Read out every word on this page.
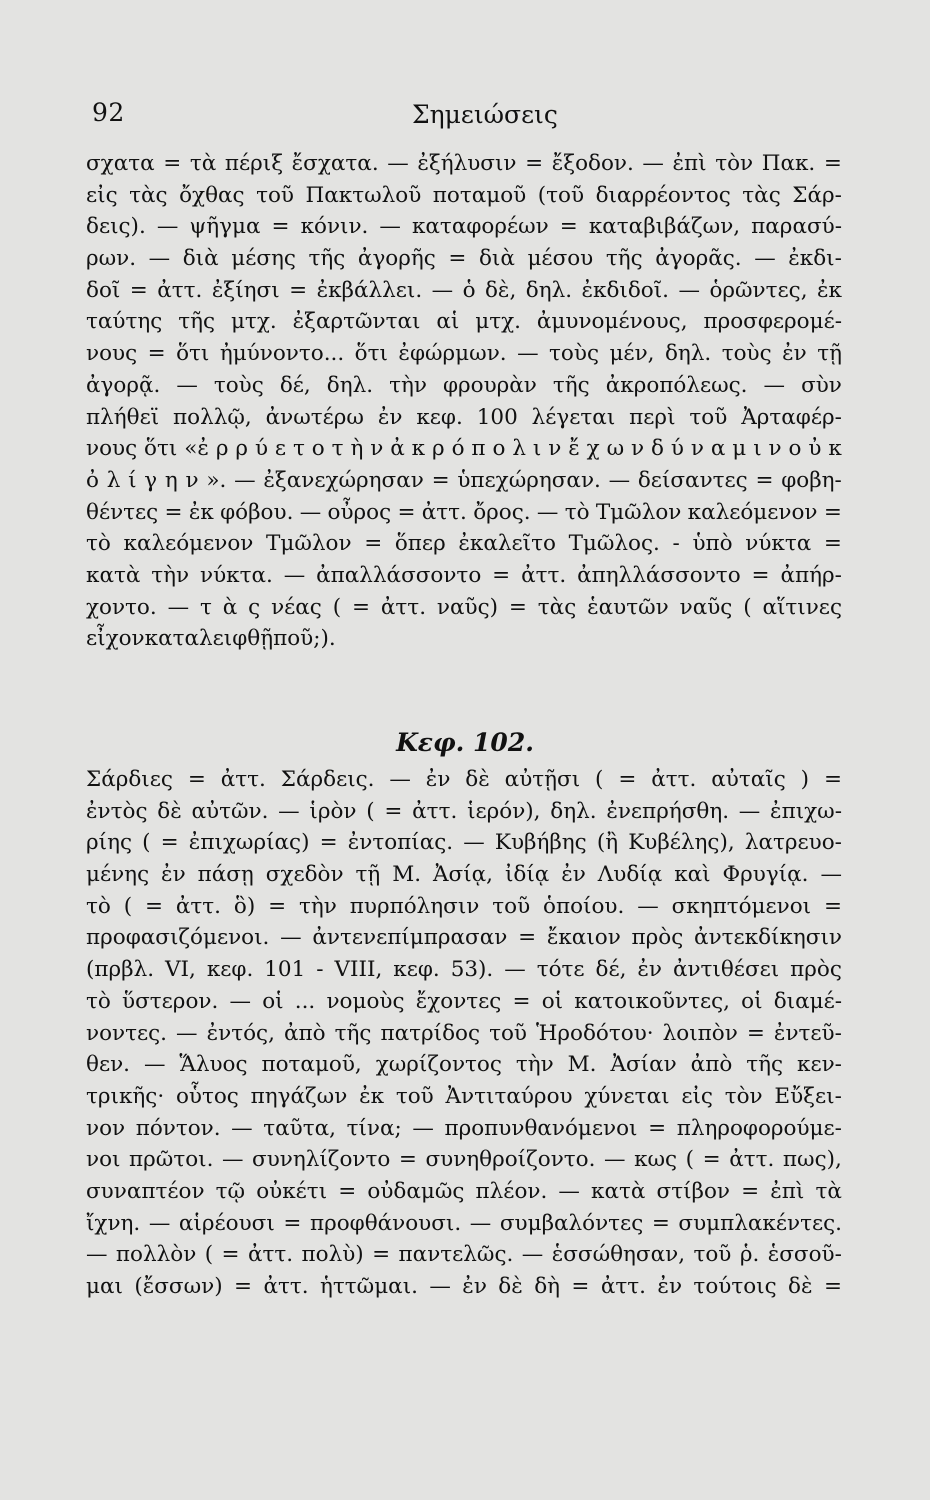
92	Σημειώσεις
σχατα = τὰ πέριξ ἔσχατα. — ἐξήλυσιν = ἔξοδον. — ἐπὶ τὸν Πακ. =
εἰς τὰς ὄχθας τοῦ Πακτωλοῦ ποταμοῦ (τοῦ διαρρέοντος τὰς Σάρ-
δεις). — ψῆγμα = κόνιν. — καταφορέων = καταβιβάζων, παρασύ-
ρων. — διὰ μέσης τῆς ἀγορῆς = διὰ μέσου τῆς ἀγορᾶς. — ἐκδι-
δοῖ = ἀττ. ἐξίησι = ἐκβάλλει. — ὁ δὲ, δηλ. ἐκδιδοῖ. — ὁρῶντες, ἐκ
ταύτης τῆς μτχ. ἐξαρτῶνται αἱ μτχ. ἀμυνομένους, προσφερομέ-
νους = ὅτι ἠμύνοντο... ὅτι ἐφώρμων. — τοὺς μέν, δηλ. τοὺς ἐν τῇ
ἀγορᾷ. — τοὺς δέ, δηλ. τὴν φρουρὰν τῆς ἀκροπόλεως. — σὺν
πλήθεϊ πολλῷ, ἀνωτέρω ἐν κεφ. 100 λέγεται περὶ τοῦ Ἀρταφέρ-
νους ὅτι «ἐ ρ ρ ύ ε τ ο τ ὴ ν ἀ κ ρ ό π ο λ ι ν ἔ χ ω ν δ ύ ν α μ ι ν ο ὐ κ
ὀ λ ί γ η ν ». — ἐξανεχώρησαν = ὑπεχώρησαν. — δείσαντες = φοβη-
θέντες = ἐκ φόβου. — οὖρος = ἀττ. ὄρος. — τὸ Τμῶλον καλεόμενον =
τὸ καλεόμενον Τμῶλον = ὅπερ ἐκαλεῖτο Τμῶλος. - ὑπὸ νύκτα =
κατὰ τὴν νύκτα. — ἀπαλλάσσοντο = ἀττ. ἀπηλλάσσοντο = ἀπήρ-
χοντο. — τ ὰ ς νέας ( = ἀττ. ναῦς) = τὰς ἑαυτῶν ναῦς ( αἵτινες
εἶχον καταλειφθῇ ποῦ ;).
Κεφ. 102.
Σάρδιες = ἀττ. Σάρδεις. — ἐν δὲ αὐτῇσι ( = ἀττ. αὐταῖς ) =
ἐντὸς δὲ αὐτῶν. — ἱρὸν ( = ἀττ. ἱερόν), δηλ. ἐνεπρήσθη. — ἐπιχω-
ρίης ( = ἐπιχωρίας) = ἐντοπίας. — Κυβήβης (ἢ Κυβέλης), λατρευο-
μένης ἐν πάσῃ σχεδὸν τῇ Μ. Ἀσίᾳ, ἰδίᾳ ἐν Λυδίᾳ καὶ Φρυγίᾳ. —
τὸ ( = ἀττ. ὃ) = τὴν πυρπόλησιν τοῦ ὁποίου. — σκηπτόμενοι =
προφασιζόμενοι. — ἀντενεπίμπρασαν = ἔκαιον πρὸς ἀντεκδίκησιν
(πρβλ. VI, κεφ. 101 - VIII, κεφ. 53). — τότε δέ, ἐν ἀντιθέσει πρὸς
τὸ ὕστερον. — οἱ ... νομοὺς ἔχοντες = οἱ κατοικοῦντες, οἱ διαμέ-
νοντες. — ἐντός, ἀπὸ τῆς πατρίδος τοῦ Ἡροδότου· λοιπὸν = ἐντεῦ-
θεν. — Ἅλυος ποταμοῦ, χωρίζοντος τὴν Μ. Ἀσίαν ἀπὸ τῆς κεν-
τρικῆς· οὗτος πηγάζων ἐκ τοῦ Ἀντιταύρου χύνεται εἰς τὸν Εὔξει-
νον πόντον. — ταῦτα, τίνα; — προπυνθανόμενοι = πληροφορούμε-
νοι πρῶτοι. — συνηλίζοντο = συνηθροίζοντο. — κως ( = ἀττ. πως),
συναπτέον τῷ οὐκέτι = οὐδαμῶς πλέον. — κατὰ στίβον = ἐπὶ τὰ
ἴχνη. — αἱρέουσι = προφθάνουσι. — συμβαλόντες = συμπλακέντες.
— πολλὸν ( = ἀττ. πολὺ) = παντελῶς. — ἑσσώθησαν, τοῦ ῥ. ἑσσοῦ-
μαι (ἔσσων) = ἀττ. ἡττῶμαι. — ἐν δὲ δὴ = ἀττ. ἐν τούτοις δὲ =
